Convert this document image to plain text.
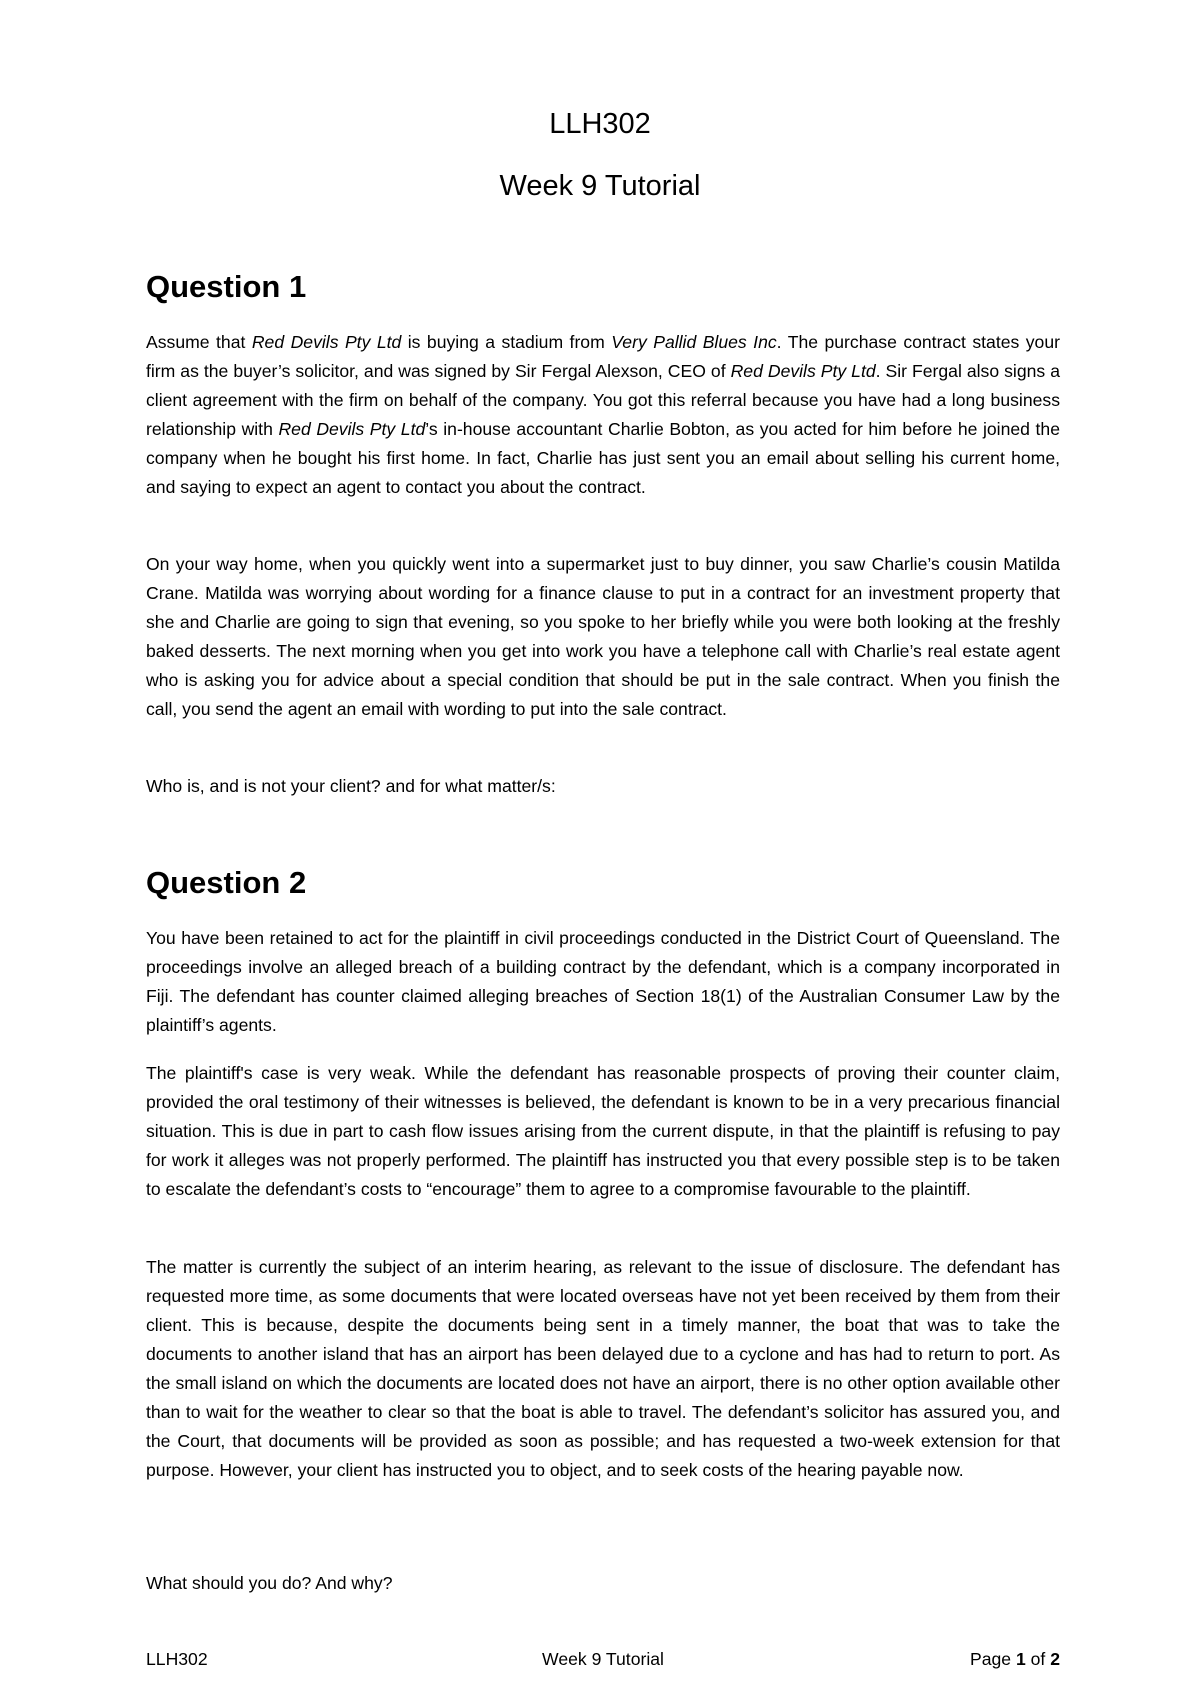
LLH302
Week 9 Tutorial
Question 1

Assume that Red Devils Pty Ltd is buying a stadium from Very Pallid Blues Inc. The purchase contract states your firm as the buyer’s solicitor, and was signed by Sir Fergal Alexson, CEO of Red Devils Pty Ltd. Sir Fergal also signs a client agreement with the firm on behalf of the company. You got this referral because you have had a long business relationship with Red Devils Pty Ltd’s in-house accountant Charlie Bobton, as you acted for him before he joined the company when he bought his first home. In fact, Charlie has just sent you an email about selling his current home, and saying to expect an agent to contact you about the contract.

On your way home, when you quickly went into a supermarket just to buy dinner, you saw Charlie’s cousin Matilda Crane. Matilda was worrying about wording for a finance clause to put in a contract for an investment property that she and Charlie are going to sign that evening, so you spoke to her briefly while you were both looking at the freshly baked desserts. The next morning when you get into work you have a telephone call with Charlie’s real estate agent who is asking you for advice about a special condition that should be put in the sale contract. When you finish the call, you send the agent an email with wording to put into the sale contract.

Who is, and is not your client? and for what matter/s:

Question 2

You have been retained to act for the plaintiff in civil proceedings conducted in the District Court of Queensland. The proceedings involve an alleged breach of a building contract by the defendant, which is a company incorporated in Fiji. The defendant has counter claimed alleging breaches of Section 18(1) of the Australian Consumer Law by the plaintiff’s agents.

The plaintiff's case is very weak. While the defendant has reasonable prospects of proving their counter claim, provided the oral testimony of their witnesses is believed, the defendant is known to be in a very precarious financial situation. This is due in part to cash flow issues arising from the current dispute, in that the plaintiff is refusing to pay for work it alleges was not properly performed. The plaintiff has instructed you that every possible step is to be taken to escalate the defendant’s costs to “encourage” them to agree to a compromise favourable to the plaintiff.

The matter is currently the subject of an interim hearing, as relevant to the issue of disclosure. The defendant has requested more time, as some documents that were located overseas have not yet been received by them from their client. This is because, despite the documents being sent in a timely manner, the boat that was to take the documents to another island that has an airport has been delayed due to a cyclone and has had to return to port. As the small island on which the documents are located does not have an airport, there is no other option available other than to wait for the weather to clear so that the boat is able to travel. The defendant’s solicitor has assured you, and the Court, that documents will be provided as soon as possible; and has requested a two-week extension for that purpose. However, your client has instructed you to object, and to seek costs of the hearing payable now.

What should you do? And why?

LLH302	Week 9 Tutorial	Page 1 of 2
